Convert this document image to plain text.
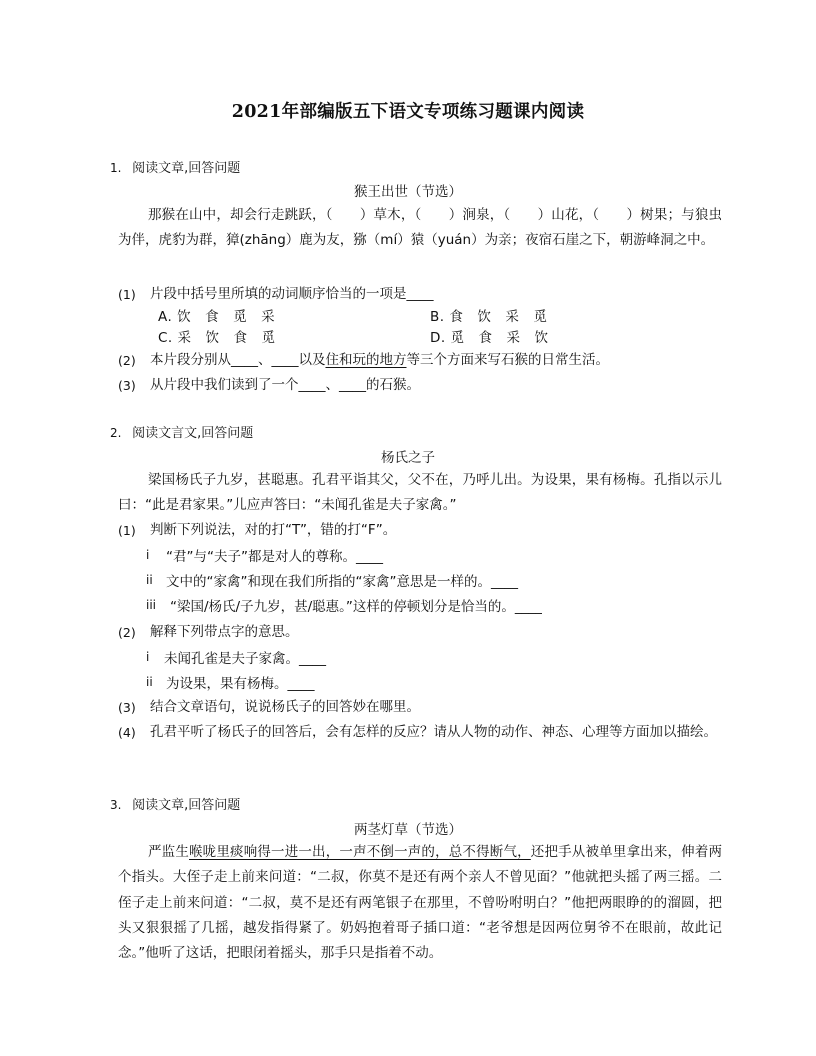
2021年部编版五下语文专项练习题课内阅读
1. 阅读文章,回答问题
猴王出世（节选）
那猴在山中，却会行走跳跃，（　　）草木，（　　）涧泉，（　　）山花，（　　）树果；与狼虫为伴，虎豹为群，獐(zhāng）鹿为友，猕（mí）猿（yuán）为亲；夜宿石崖之下，朝游峰洞之中。
(1) 片段中括号里所填的动词顺序恰当的一项是____
A. 饮　食　觅　采	B. 食　饮　采　觅
C. 采　饮　食　觅	D. 觅　食　采　饮
(2) 本片段分别从____、____以及住和玩的地方等三个方面来写石猴的日常生活。
(3) 从片段中我们读到了一个____、____的石猴。
2. 阅读文言文,回答问题
杨氏之子
梁国杨氏子九岁，甚聪惠。孔君平诣其父，父不在，乃呼儿出。为设果，果有杨梅。孔指以示儿曰：“此是君家果。”儿应声答曰：“未闻孔雀是夫子家禽。”
(1) 判断下列说法，对的打“T”，错的打“F”。
i “君”与“夫子”都是对人的尊称。____
ii 文中的“家禽”和现在我们所指的“家禽”意思是一样的。____
iii “梁国/杨氏/子九岁，甚/聪惠。”这样的停顿划分是恰当的。____
(2) 解释下列带点字的意思。
i 未闻孔雀是夫子家禽。____
ii 为设果，果有杨梅。____
(3) 结合文章语句，说说杨氏子的回答妙在哪里。
(4) 孔君平听了杨氏子的回答后，会有怎样的反应？请从人物的动作、神态、心理等方面加以描绘。
3. 阅读文章,回答问题
两茎灯草（节选）
严监生喉咙里痰响得一进一出，一声不倒一声的，总不得断气，还把手从被单里拿出来，伸着两个指头。大侄子走上前来问道：“二叔，你莫不是还有两个亲人不曾见面？”他就把头摇了两三摇。二侄子走上前来问道：“二叔，莫不是还有两笔银子在那里，不曾吩咐明白？”他把两眼睁的的溜圆，把头又狠狠摇了几摇，越发指得紧了。奶妈抱着哥子插口道：“老爷想是因两位舅爷不在眼前，故此记念。”他听了这话，把眼闭着摇头，那手只是指着不动。
